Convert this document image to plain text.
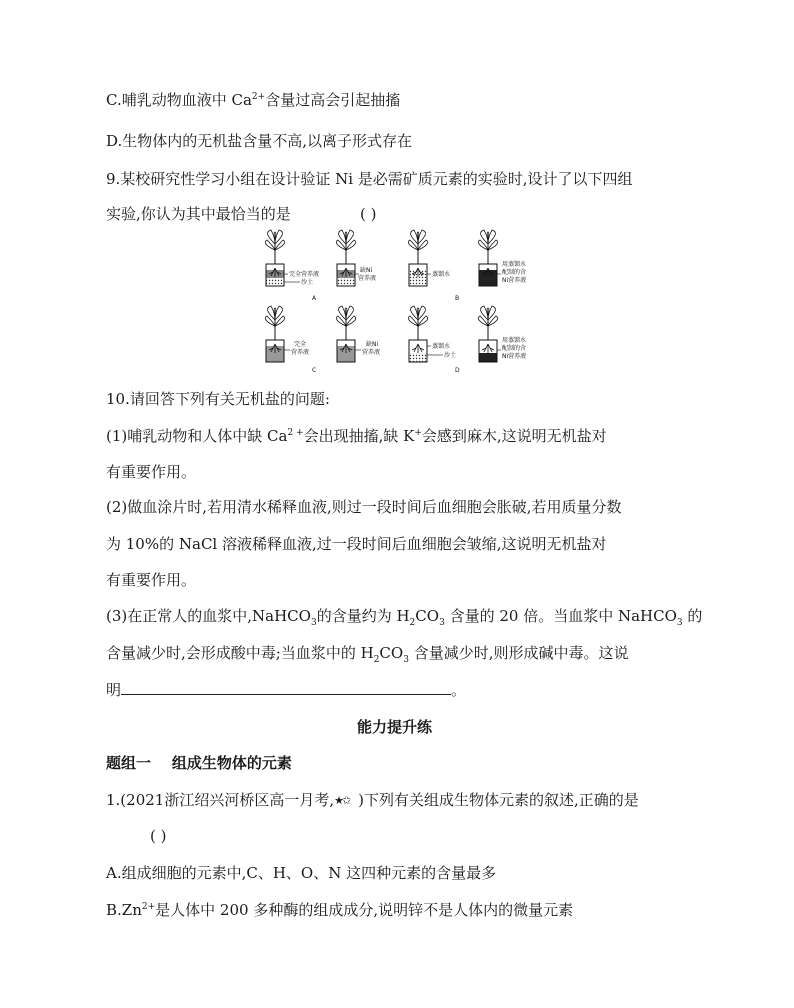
C.哺乳动物血液中 $Ca^{2+}$含量过高会引起抽搐
D.生物体内的无机盐含量不高,以离子形式存在
9.某校研究性学习小组在设计验证 Ni 是必需矿质元素的实验时,设计了以下四组
实验,你认为其中最恰当的是	( )
完全营养液
沙土
缺Ni
营养液
A
蒸馏水
用蒸馏水
配制的含
Ni营养液
B
完全
营养液
缺Ni
营养液
C
蒸馏水
沙土
用蒸馏水
配制的含
Ni营养液
D
10.请回答下列有关无机盐的问题:
(1)哺乳动物和人体中缺 $Ca^{2 +}$会出现抽搐,缺 K+会感到麻木,这说明无机盐对
有重要作用。
(2)做血涂片时,若用清水稀释血液,则过一段时间后血细胞会胀破,若用质量分数
为 10%的 NaCl 溶液稀释血液,过一段时间后血细胞会皱缩,这说明无机盐对
有重要作用。
(3)在正常人的血浆中,NaHCO$_3$的含量约为 $H_2CO_3$ 含量的 20 倍。当血浆中 NaHCO$_3$ 的
含量减少时,会形成酸中毒;当血浆中的 $H_2CO_3$ 含量减少时,则形成碱中毒。这说
明	。
能力提升练
题组一    组成生物体的元素
1.(2021浙江绍兴河桥区高一月考,★✩ )下列有关组成生物体元素的叙述,正确的是
( )
A.组成细胞的元素中,C、H、O、N 这四种元素的含量最多
$B.Zn^{2+}$是人体中 200 多种酶的组成成分,说明锌不是人体内的微量元素
